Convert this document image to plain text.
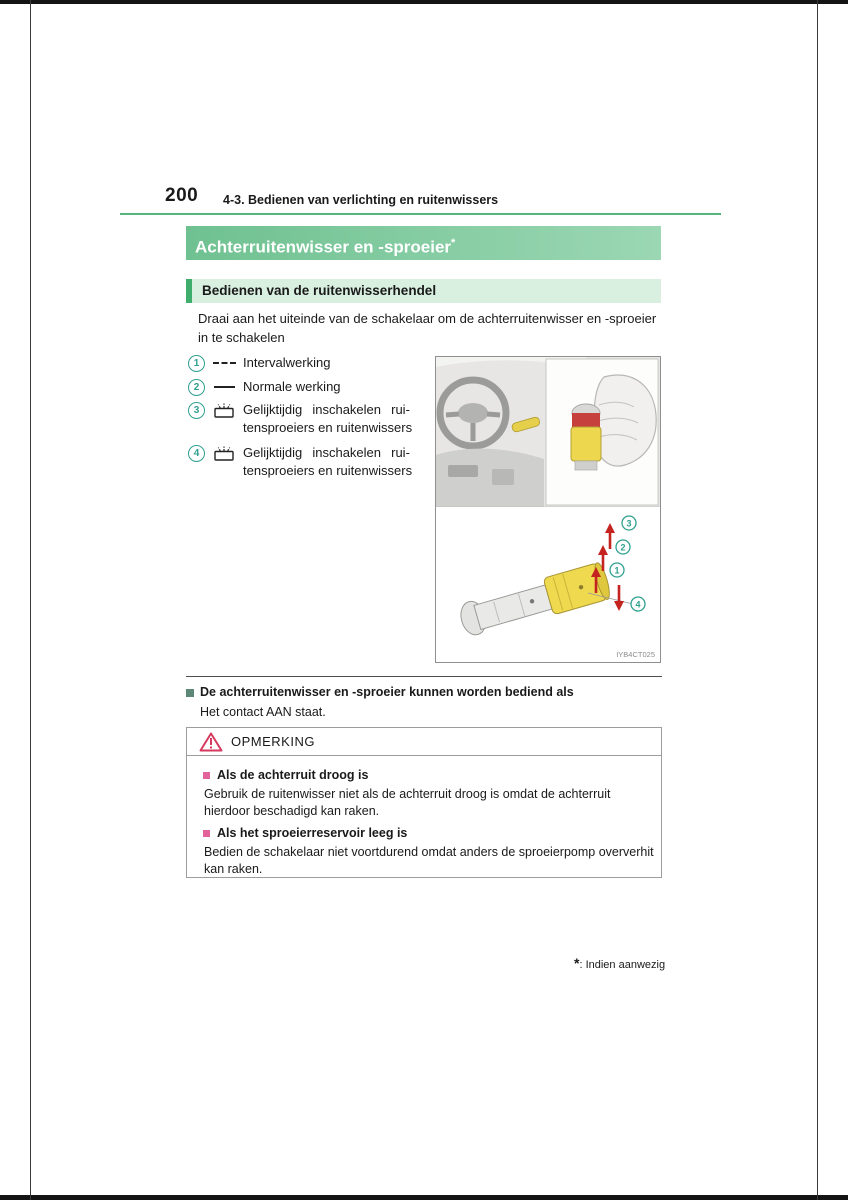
200 4-3. Bedienen van verlichting en ruitenwissers
Achterruitenwisser en -sproeier*
Bedienen van de ruitenwisserhendel
Draai aan het uiteinde van de schakelaar om de achterruitenwisser en -sproeier in te schakelen
1	Intervalwerking
2	Normale werking
3	Gelijktijdig inschakelen rui-
tensproeiers en ruitenwissers
4	Gelijktijdig inschakelen rui-
tensproeiers en ruitenwissers
3
2
1
4
IYB4CT025
De achterruitenwisser en -sproeier kunnen worden bediend als
Het contact AAN staat.
OPMERKING
Als de achterruit droog is
Gebruik de ruitenwisser niet als de achterruit droog is omdat de achterruit hierdoor beschadigd kan raken.
Als het sproeierreservoir leeg is
Bedien de schakelaar niet voortdurend omdat anders de sproeierpomp oververhit kan raken.
*: Indien aanwezig
